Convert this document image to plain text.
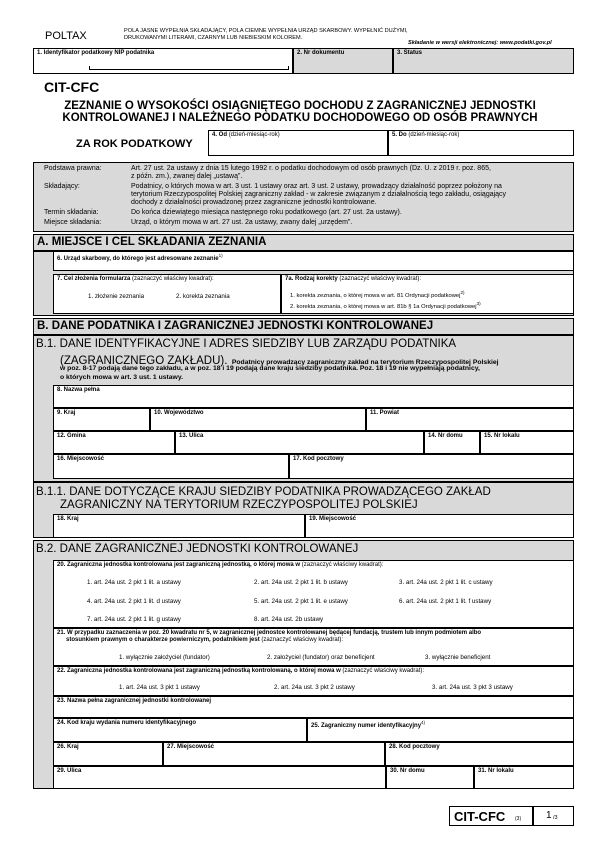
POLTAX	POLA JASNE WYPEŁNIA SKŁADAJĄCY, POLA CIEMNE WYPEŁNIA URZĄD SKARBOWY. WYPEŁNIĆ DUŻYMI, DRUKOWANYMI LITERAMI, CZARNYM LUB NIEBIESKIM KOLOREM.
Składanie w wersji elektronicznej: www.podatki.gov.pl
1. Identyfikator podatkowy NIP podatnika	2. Nr dokumentu	3. Status
CIT-CFC
ZEZNANIE O WYSOKOŚCI OSIĄGNIĘTEGO DOCHODU Z ZAGRANICZNEJ JEDNOSTKI
KONTROLOWANEJ I NALEŻNEGO PODATKU DOCHODOWEGO OD OSÓB PRAWNYCH
ZA ROK PODATKOWY
4. Od (dzień-miesiąc-rok)	5. Do (dzień-miesiąc-rok)
Podstawa prawna:	Art. 27 ust. 2a ustawy z dnia 15 lutego 1992 r. o podatku dochodowym od osób prawnych (Dz. U. z 2019 r. poz. 865,
z późn. zm.), zwanej dalej „ustawą”.
Składający:	Podatnicy, o których mowa w art. 3 ust. 1 ustawy oraz art. 3 ust. 2 ustawy, prowadzący działalność poprzez położony na
terytorium Rzeczypospolitej Polskiej zagraniczny zakład - w zakresie związanym z działalnością tego zakładu, osiągający
dochody z działalności prowadzonej przez zagraniczne jednostki kontrolowane.
Termin składania:	Do końca dziewiątego miesiąca następnego roku podatkowego (art. 27 ust. 2a ustawy).
Miejsce składania:	Urząd, o którym mowa w art. 27 ust. 2a ustawy, zwany dalej „urzędem”.
A. MIEJSCE I CEL SKŁADANIA ZEZNANIA
6. Urząd skarbowy, do którego jest adresowane zeznanie$^{1)}$
7. Cel złożenia formularza (zaznaczyć właściwy kwadrat):
1. złożenie zeznania	2. korekta zeznania
7a. Rodzaj korekty (zaznaczyć właściwy kwadrat):
1. korekta zeznania, o której mowa w art. 81 Ordynacji podatkowej$^{2)}$
2. korekta zeznania, o której mowa w art. 81b § 1a Ordynacji podatkowej$^{3)}$
B. DANE PODATNIKA I ZAGRANICZNEJ JEDNOSTKI KONTROLOWANEJ
B.1. DANE IDENTYFIKACYJNE I ADRES SIEDZIBY LUB ZARZĄDU PODATNIKA
(ZAGRANICZNEGO ZAKŁADU). Podatnicy prowadzący zagraniczny zakład na terytorium Rzeczypospolitej Polskiej
w poz. 8-17 podają dane tego zakładu, a w poz. 18 i 19 podają dane kraju siedziby podatnika. Poz. 18 i 19 nie wypełniają podatnicy,
o których mowa w art. 3 ust. 1 ustawy.
8. Nazwa pełna
9. Kraj	10. Województwo	11. Powiat
12. Gmina	13. Ulica	14. Nr domu	15. Nr lokalu
16. Miejscowość	17. Kod pocztowy
B.1.1. DANE DOTYCZĄCE KRAJU SIEDZIBY PODATNIKA PROWADZĄCEGO ZAKŁAD
ZAGRANICZNY NA TERYTORIUM RZECZYPOSPOLITEJ POLSKIEJ
18. Kraj	19. Miejscowość
B.2. DANE ZAGRANICZNEJ JEDNOSTKI KONTROLOWANEJ
20. Zagraniczna jednostka kontrolowana jest zagraniczną jednostką, o której mowa w (zaznaczyć właściwy kwadrat):
1. art. 24a ust. 2 pkt 1 lit. a ustawy	2. art. 24a ust. 2 pkt 1 lit. b ustawy	3. art. 24a ust. 2 pkt 1 lit. c ustawy
4. art. 24a ust. 2 pkt 1 lit. d ustawy	5. art. 24a ust. 2 pkt 1 lit. e ustawy	6. art. 24a ust. 2 pkt 1 lit. f ustawy
7. art. 24a ust. 2 pkt 1 lit. g ustawy	8. art. 24a ust. 2b ustawy
21. W przypadku zaznaczenia w poz. 20 kwadratu nr 5, w zagranicznej jednostce kontrolowanej będącej fundacją, trustem lub innym podmiotem albo
stosunkiem prawnym o charakterze powierniczym, podatnikiem jest (zaznaczyć właściwy kwadrat):
1. wyłącznie założyciel (fundator)	2. założyciel (fundator) oraz beneficjent	3. wyłącznie beneficjent
22. Zagraniczna jednostka kontrolowana jest zagraniczną jednostką kontrolowaną, o której mowa w (zaznaczyć właściwy kwadrat):
1. art. 24a ust. 3 pkt 1 ustawy	2. art. 24a ust. 3 pkt 2 ustawy	3. art. 24a ust. 3 pkt 3 ustawy
23. Nazwa pełna zagranicznej jednostki kontrolowanej
24. Kod kraju wydania numeru identyfikacyjnego	25. Zagraniczny numer identyfikacyjny$^{4)}$
26. Kraj	27. Miejscowość	28. Kod pocztowy
29. Ulica	30. Nr domu	31. Nr lokalu
CIT-CFC (3) 1 /3
